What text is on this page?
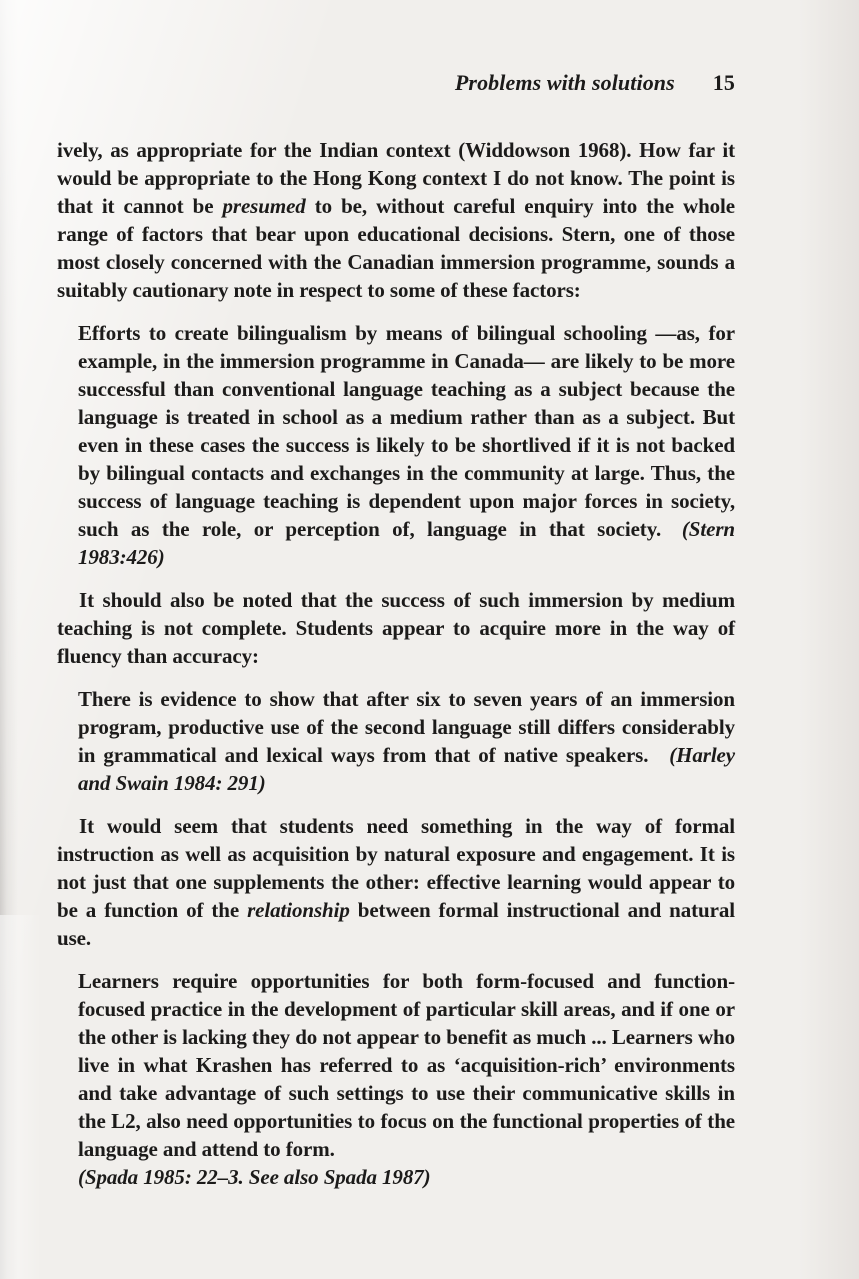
Problems with solutions 15

ively, as appropriate for the Indian context (Widdowson 1968). How far it would be appropriate to the Hong Kong context I do not know. The point is that it cannot be presumed to be, without careful enquiry into the whole range of factors that bear upon educational decisions. Stern, one of those most closely concerned with the Canadian immersion programme, sounds a suitably cautionary note in respect to some of these factors:

Efforts to create bilingualism by means of bilingual schooling —as, for example, in the immersion programme in Canada— are likely to be more successful than conventional language teaching as a subject because the language is treated in school as a medium rather than as a subject. But even in these cases the success is likely to be shortlived if it is not backed by bilingual contacts and exchanges in the community at large. Thus, the success of language teaching is dependent upon major forces in society, such as the role, or perception of, language in that society.  (Stern 1983:426)

It should also be noted that the success of such immersion by medium teaching is not complete. Students appear to acquire more in the way of fluency than accuracy:

There is evidence to show that after six to seven years of an immersion program, productive use of the second language still differs considerably in grammatical and lexical ways from that of native speakers.  (Harley and Swain 1984: 291)

It would seem that students need something in the way of formal instruction as well as acquisition by natural exposure and engagement. It is not just that one supplements the other: effective learning would appear to be a function of the relationship between formal instructional and natural use.

Learners require opportunities for both form-focused and function-focused practice in the development of particular skill areas, and if one or the other is lacking they do not appear to benefit as much ... Learners who live in what Krashen has referred to as ‘acquisition-rich’ environments and take advantage of such settings to use their communicative skills in the L2, also need opportunities to focus on the functional properties of the language and attend to form.
(Spada 1985: 22–3. See also Spada 1987)
